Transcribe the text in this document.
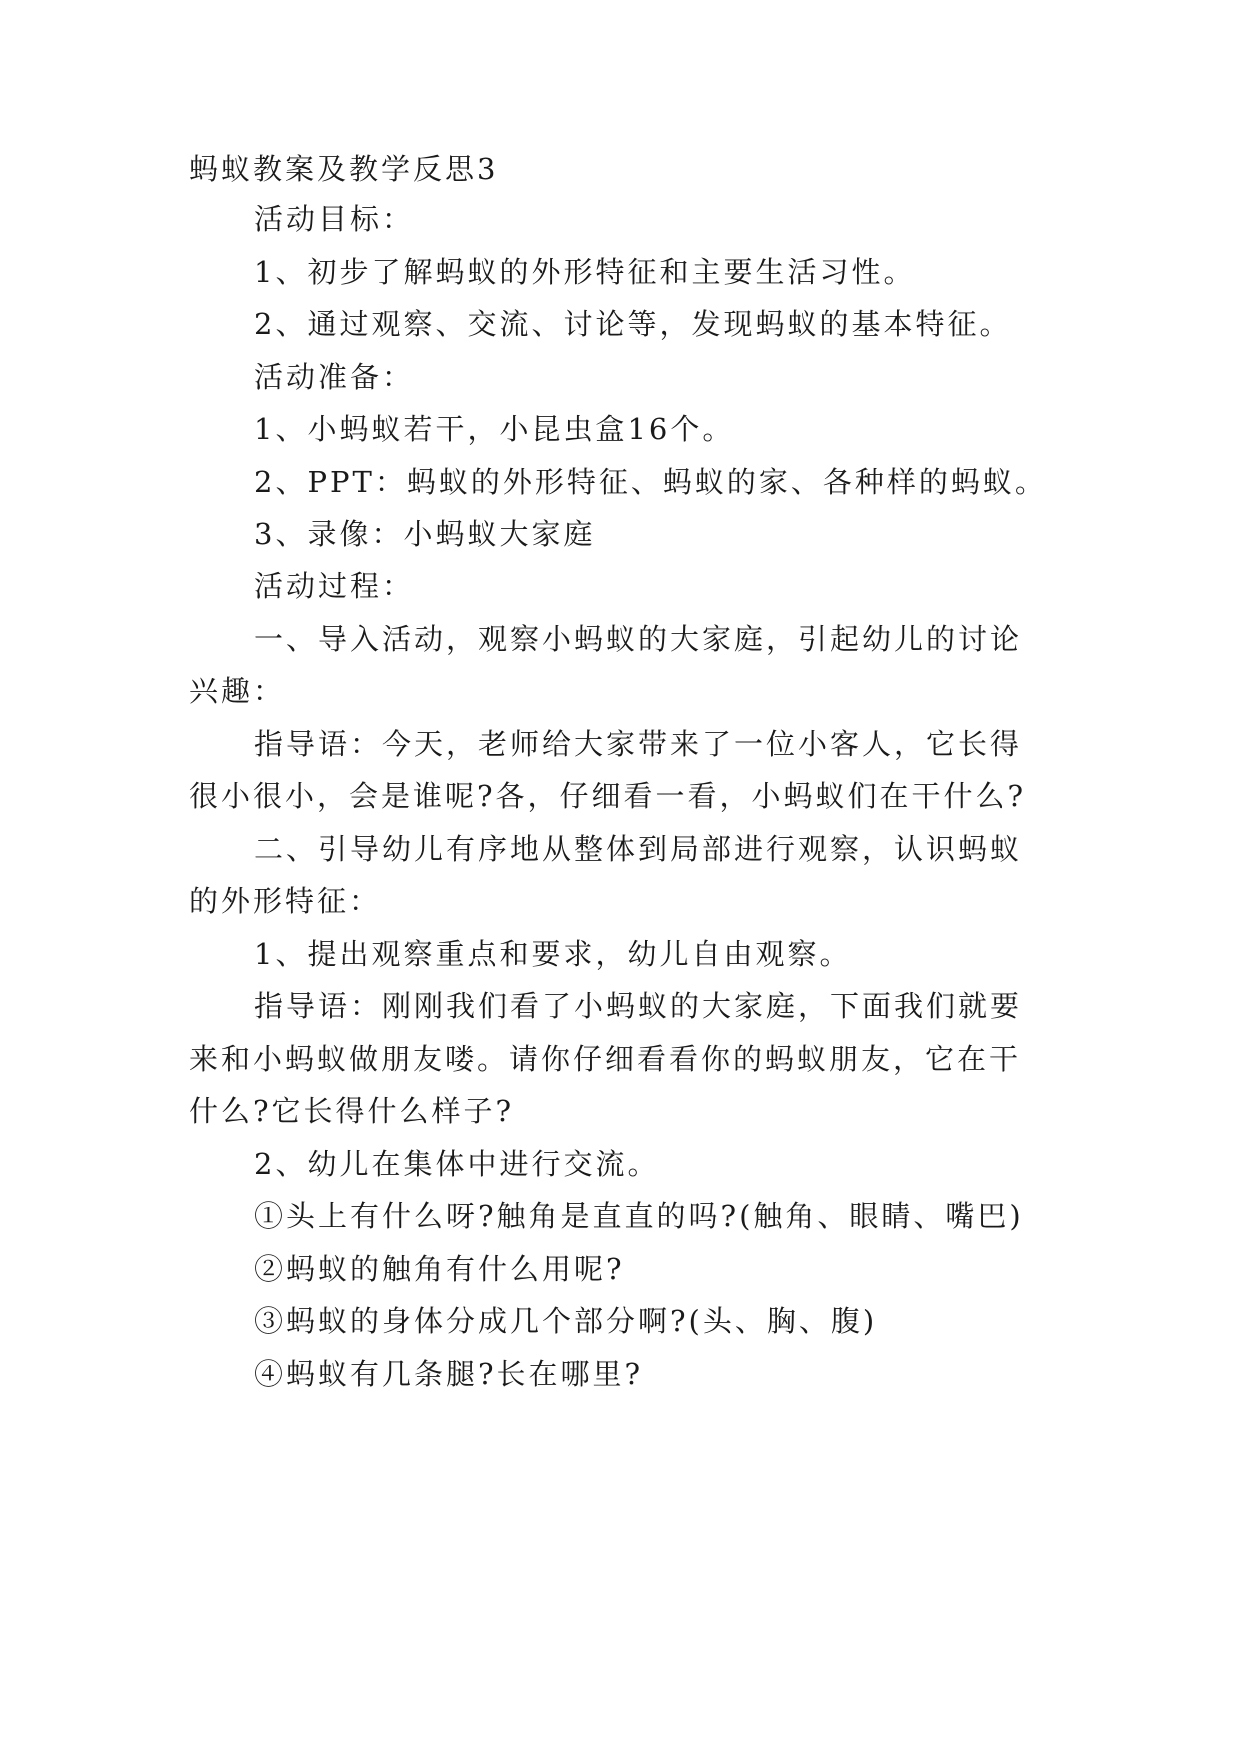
蚂蚁教案及教学反思3
活动目标：
1、初步了解蚂蚁的外形特征和主要生活习性。
2、通过观察、交流、讨论等，发现蚂蚁的基本特征。
活动准备：
1、小蚂蚁若干，小昆虫盒16个。
2、PPT：蚂蚁的外形特征、蚂蚁的家、各种样的蚂蚁。
3、录像：小蚂蚁大家庭
活动过程：
一、导入活动，观察小蚂蚁的大家庭，引起幼儿的讨论
兴趣：
指导语：今天，老师给大家带来了一位小客人，它长得
很小很小，会是谁呢?各，仔细看一看，小蚂蚁们在干什么?
二、引导幼儿有序地从整体到局部进行观察，认识蚂蚁
的外形特征：
1、提出观察重点和要求，幼儿自由观察。
指导语：刚刚我们看了小蚂蚁的大家庭，下面我们就要
来和小蚂蚁做朋友喽。请你仔细看看你的蚂蚁朋友，它在干
什么?它长得什么样子?
2、幼儿在集体中进行交流。
①头上有什么呀?触角是直直的吗?(触角、眼睛、嘴巴)
②蚂蚁的触角有什么用呢?
③蚂蚁的身体分成几个部分啊?(头、胸、腹)
④蚂蚁有几条腿?长在哪里?
